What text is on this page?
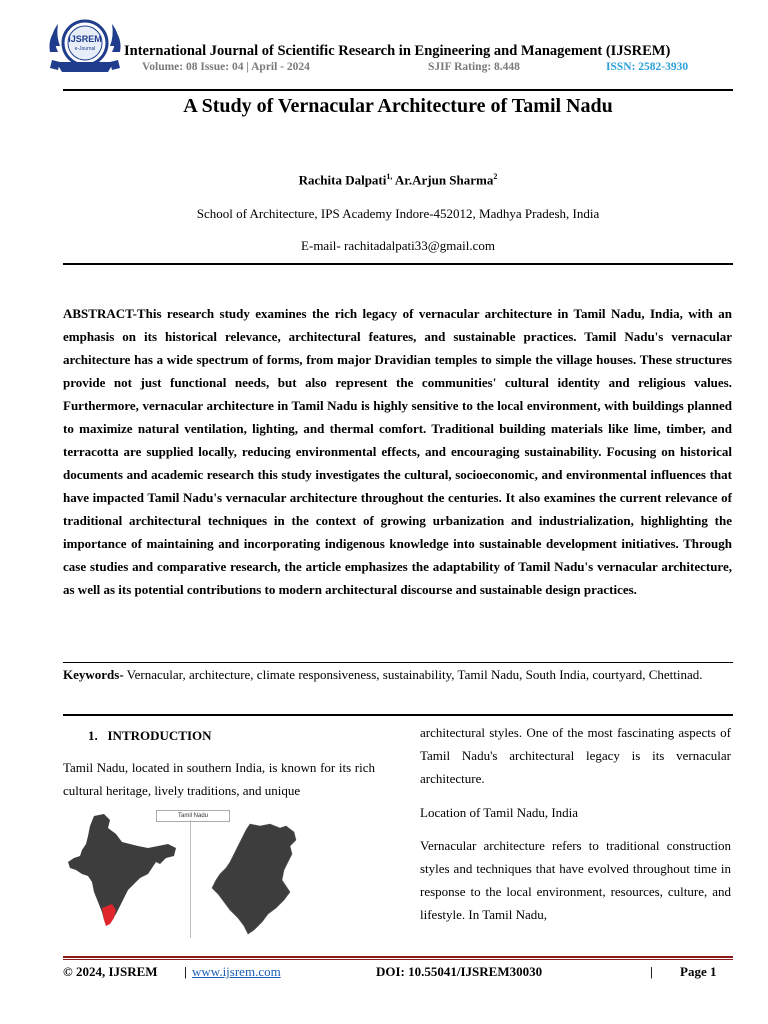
IJSREM
e-Journal International Journal of Scientific Research in Engineering and Management (IJSREM)
Volume: 08 Issue: 04 | April - 2024	SJIF Rating: 8.448	ISSN: 2582-3930
A Study of Vernacular Architecture of Tamil Nadu
Rachita Dalpati$^{1,}$ Ar.Arjun Sharma$^2$
School of Architecture, IPS Academy Indore-452012, Madhya Pradesh, India
E-mail- rachitadalpati33@gmail.com
ABSTRACT-This research study examines the rich legacy of vernacular architecture in Tamil Nadu, India, with an emphasis on its historical relevance, architectural features, and sustainable practices. Tamil Nadu's vernacular architecture has a wide spectrum of forms, from major Dravidian temples to simple the village houses. These structures provide not just functional needs, but also represent the communities' cultural identity and religious values. Furthermore, vernacular architecture in Tamil Nadu is highly sensitive to the local environment, with buildings planned to maximize natural ventilation, lighting, and thermal comfort. Traditional building materials like lime, timber, and terracotta are supplied locally, reducing environmental effects, and encouraging sustainability. Focusing on historical documents and academic research this study investigates the cultural, socioeconomic, and environmental influences that have impacted Tamil Nadu's vernacular architecture throughout the centuries. It also examines the current relevance of traditional architectural techniques in the context of growing urbanization and industrialization, highlighting the importance of maintaining and incorporating indigenous knowledge into sustainable development initiatives. Through case studies and comparative research, the article emphasizes the adaptability of Tamil Nadu's vernacular architecture, as well as its potential contributions to modern architectural discourse and sustainable design practices.
Keywords- Vernacular, architecture, climate responsiveness, sustainability, Tamil Nadu, South India, courtyard, Chettinad.
1. INTRODUCTION
Tamil Nadu, located in southern India, is known for its rich cultural heritage, lively traditions, and unique
Tamil Nadu
architectural styles. One of the most fascinating aspects of Tamil Nadu's architectural legacy is its vernacular architecture.
Location of Tamil Nadu, India
Vernacular architecture refers to traditional construction styles and techniques that have evolved throughout time in response to the local environment, resources, culture, and lifestyle. In Tamil Nadu,
© 2024, IJSREM | www.ijsrem.com	DOI: 10.55041/IJSREM30030	| Page 1
